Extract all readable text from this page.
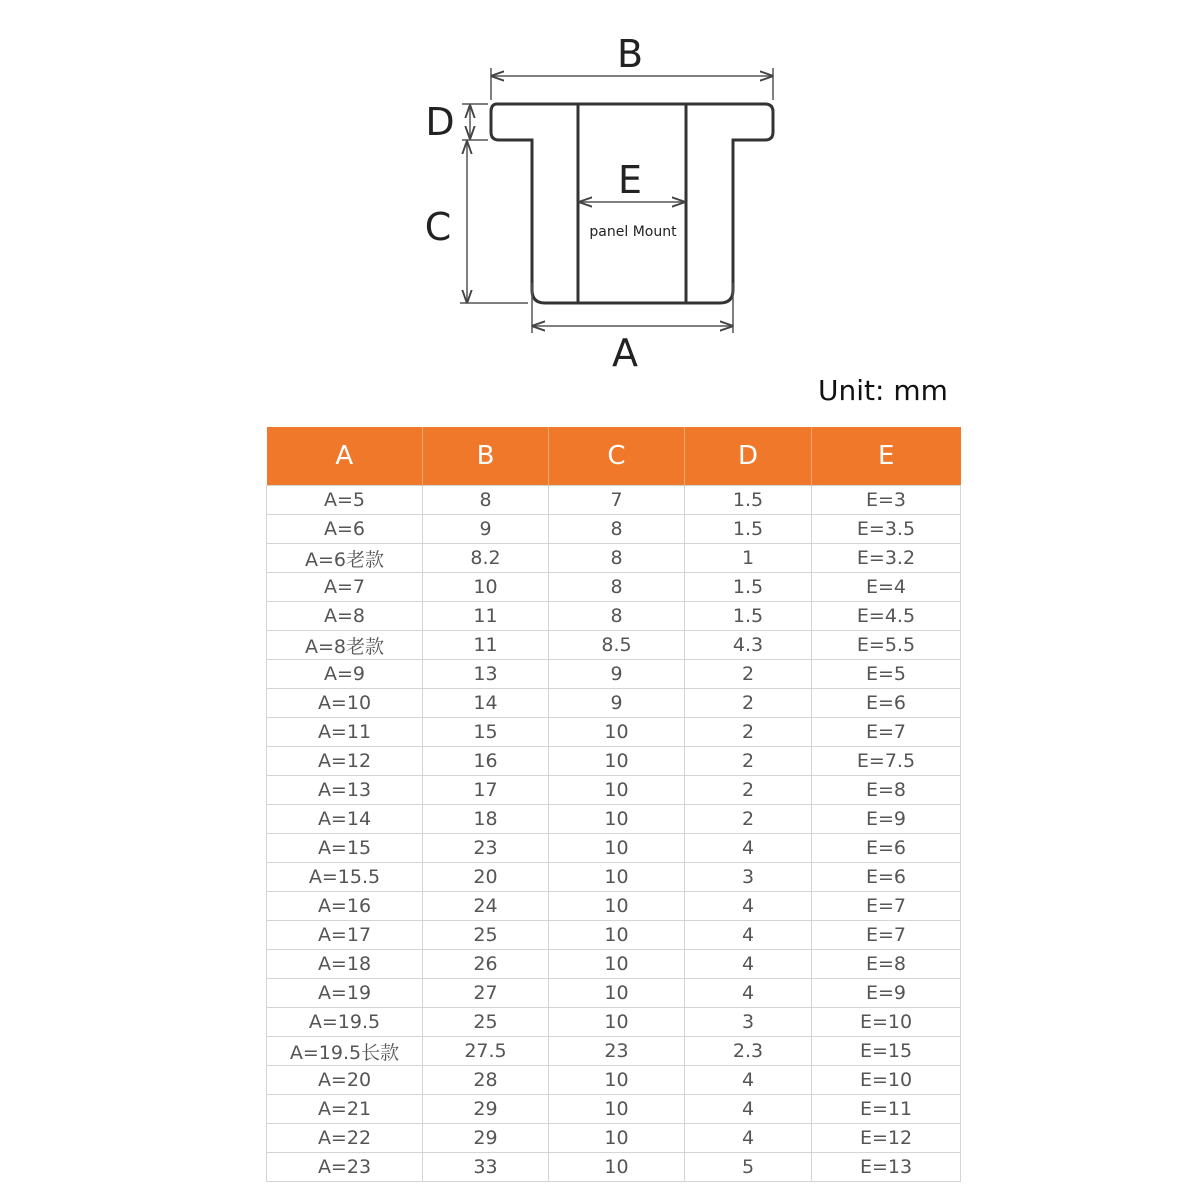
B
D
C
E
panel Mount
A
Unit: mm
A	B	C	D	E
A=5	8	7	1.5	E=3
A=6	9	8	1.5	E=3.5
A=6老款	8.2	8	1	E=3.2
A=7	10	8	1.5	E=4
A=8	11	8	1.5	E=4.5
A=8老款	11	8.5	4.3	E=5.5
A=9	13	9	2	E=5
A=10	14	9	2	E=6
A=11	15	10	2	E=7
A=12	16	10	2	E=7.5
A=13	17	10	2	E=8
A=14	18	10	2	E=9
A=15	23	10	4	E=6
A=15.5	20	10	3	E=6
A=16	24	10	4	E=7
A=17	25	10	4	E=7
A=18	26	10	4	E=8
A=19	27	10	4	E=9
A=19.5	25	10	3	E=10
A=19.5长款	27.5	23	2.3	E=15
A=20	28	10	4	E=10
A=21	29	10	4	E=11
A=22	29	10	4	E=12
A=23	33	10	5	E=13
